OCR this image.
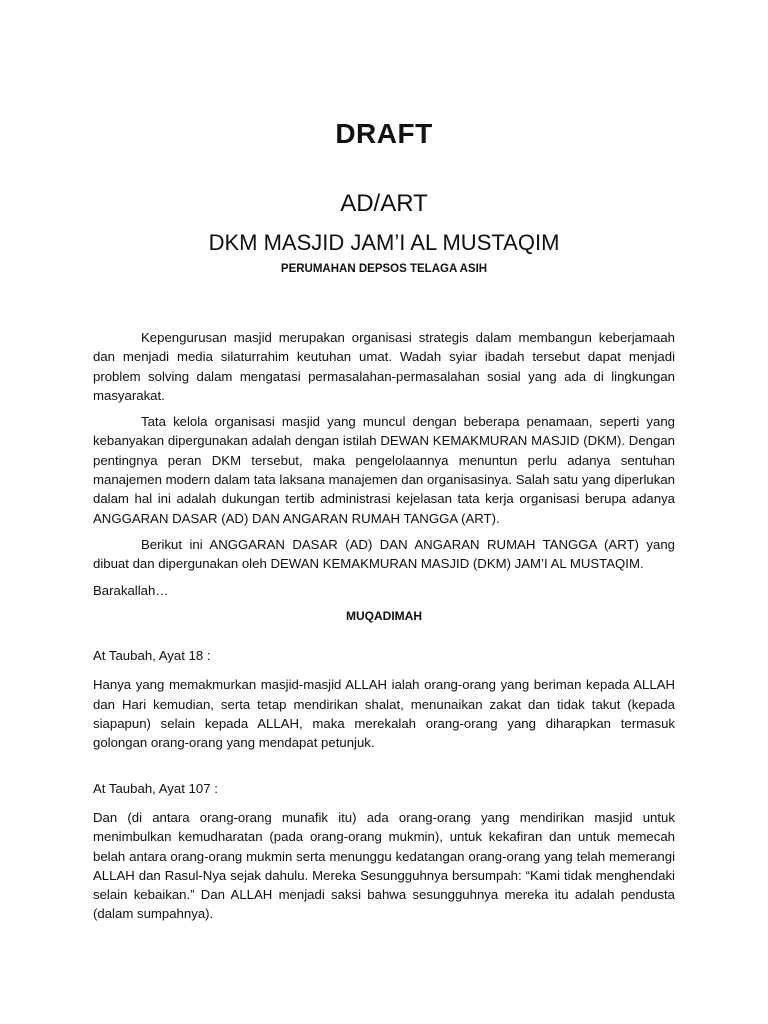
DRAFT
AD/ART
DKM MASJID JAM’I AL MUSTAQIM
PERUMAHAN DEPSOS TELAGA ASIH

Kepengurusan masjid merupakan organisasi strategis dalam membangun keberjamaah dan menjadi media silaturrahim keutuhan umat. Wadah syiar ibadah tersebut dapat menjadi problem solving dalam mengatasi permasalahan-permasalahan sosial yang ada di lingkungan masyarakat.

Tata kelola organisasi masjid yang muncul dengan beberapa penamaan, seperti yang kebanyakan dipergunakan adalah dengan istilah DEWAN KEMAKMURAN MASJID (DKM). Dengan pentingnya peran DKM tersebut, maka pengelolaannya menuntun perlu adanya sentuhan manajemen modern dalam tata laksana manajemen dan organisasinya. Salah satu yang diperlukan dalam hal ini adalah dukungan tertib administrasi kejelasan tata kerja organisasi berupa adanya ANGGARAN DASAR (AD) DAN ANGARAN RUMAH TANGGA (ART).

Berikut ini ANGGARAN DASAR (AD) DAN ANGARAN RUMAH TANGGA (ART) yang dibuat dan dipergunakan oleh DEWAN KEMAKMURAN MASJID (DKM) JAM’I AL MUSTAQIM.

Barakallah…

MUQADIMAH

At Taubah, Ayat 18 :

Hanya yang memakmurkan masjid-masjid ALLAH ialah orang-orang yang beriman kepada ALLAH dan Hari kemudian, serta tetap mendirikan shalat, menunaikan zakat dan tidak takut (kepada siapapun) selain kepada ALLAH, maka merekalah orang-orang yang diharapkan termasuk golongan orang-orang yang mendapat petunjuk.

At Taubah, Ayat 107 :

Dan (di antara orang-orang munafik itu) ada orang-orang yang mendirikan masjid untuk menimbulkan kemudharatan (pada orang-orang mukmin), untuk kekafiran dan untuk memecah belah antara orang-orang mukmin serta menunggu kedatangan orang-orang yang telah memerangi ALLAH dan Rasul-Nya sejak dahulu. Mereka Sesungguhnya bersumpah: “Kami tidak menghendaki selain kebaikan.” Dan ALLAH menjadi saksi bahwa sesungguhnya mereka itu adalah pendusta (dalam sumpahnya).
